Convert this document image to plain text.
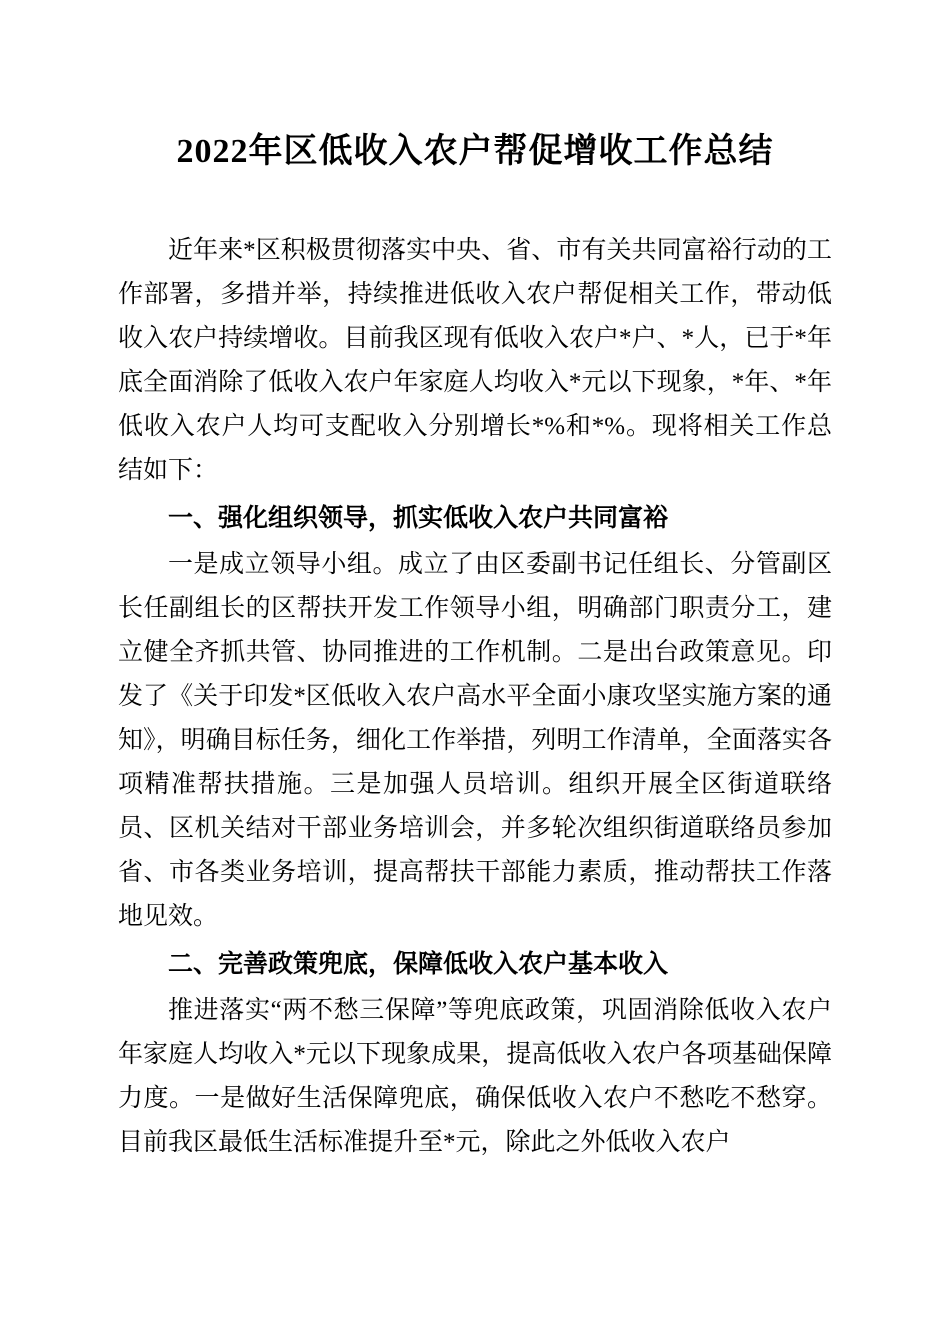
2022年区低收入农户帮促增收工作总结

近年来*区积极贯彻落实中央、省、市有关共同富裕行动的工作部署，多措并举，持续推进低收入农户帮促相关工作，带动低收入农户持续增收。目前我区现有低收入农户*户、*人，已于*年底全面消除了低收入农户年家庭人均收入*元以下现象，*年、*年低收入农户人均可支配收入分别增长*%和*%。现将相关工作总结如下：

一、强化组织领导，抓实低收入农户共同富裕

一是成立领导小组。成立了由区委副书记任组长、分管副区长任副组长的区帮扶开发工作领导小组，明确部门职责分工，建立健全齐抓共管、协同推进的工作机制。二是出台政策意见。印发了《关于印发*区低收入农户高水平全面小康攻坚实施方案的通知》，明确目标任务，细化工作举措，列明工作清单，全面落实各项精准帮扶措施。三是加强人员培训。组织开展全区街道联络员、区机关结对干部业务培训会，并多轮次组织街道联络员参加省、市各类业务培训，提高帮扶干部能力素质，推动帮扶工作落地见效。

二、完善政策兜底，保障低收入农户基本收入

推进落实“两不愁三保障”等兜底政策，巩固消除低收入农户年家庭人均收入*元以下现象成果，提高低收入农户各项基础保障力度。一是做好生活保障兜底，确保低收入农户不愁吃不愁穿。目前我区最低生活标准提升至*元，除此之外低收入农户
